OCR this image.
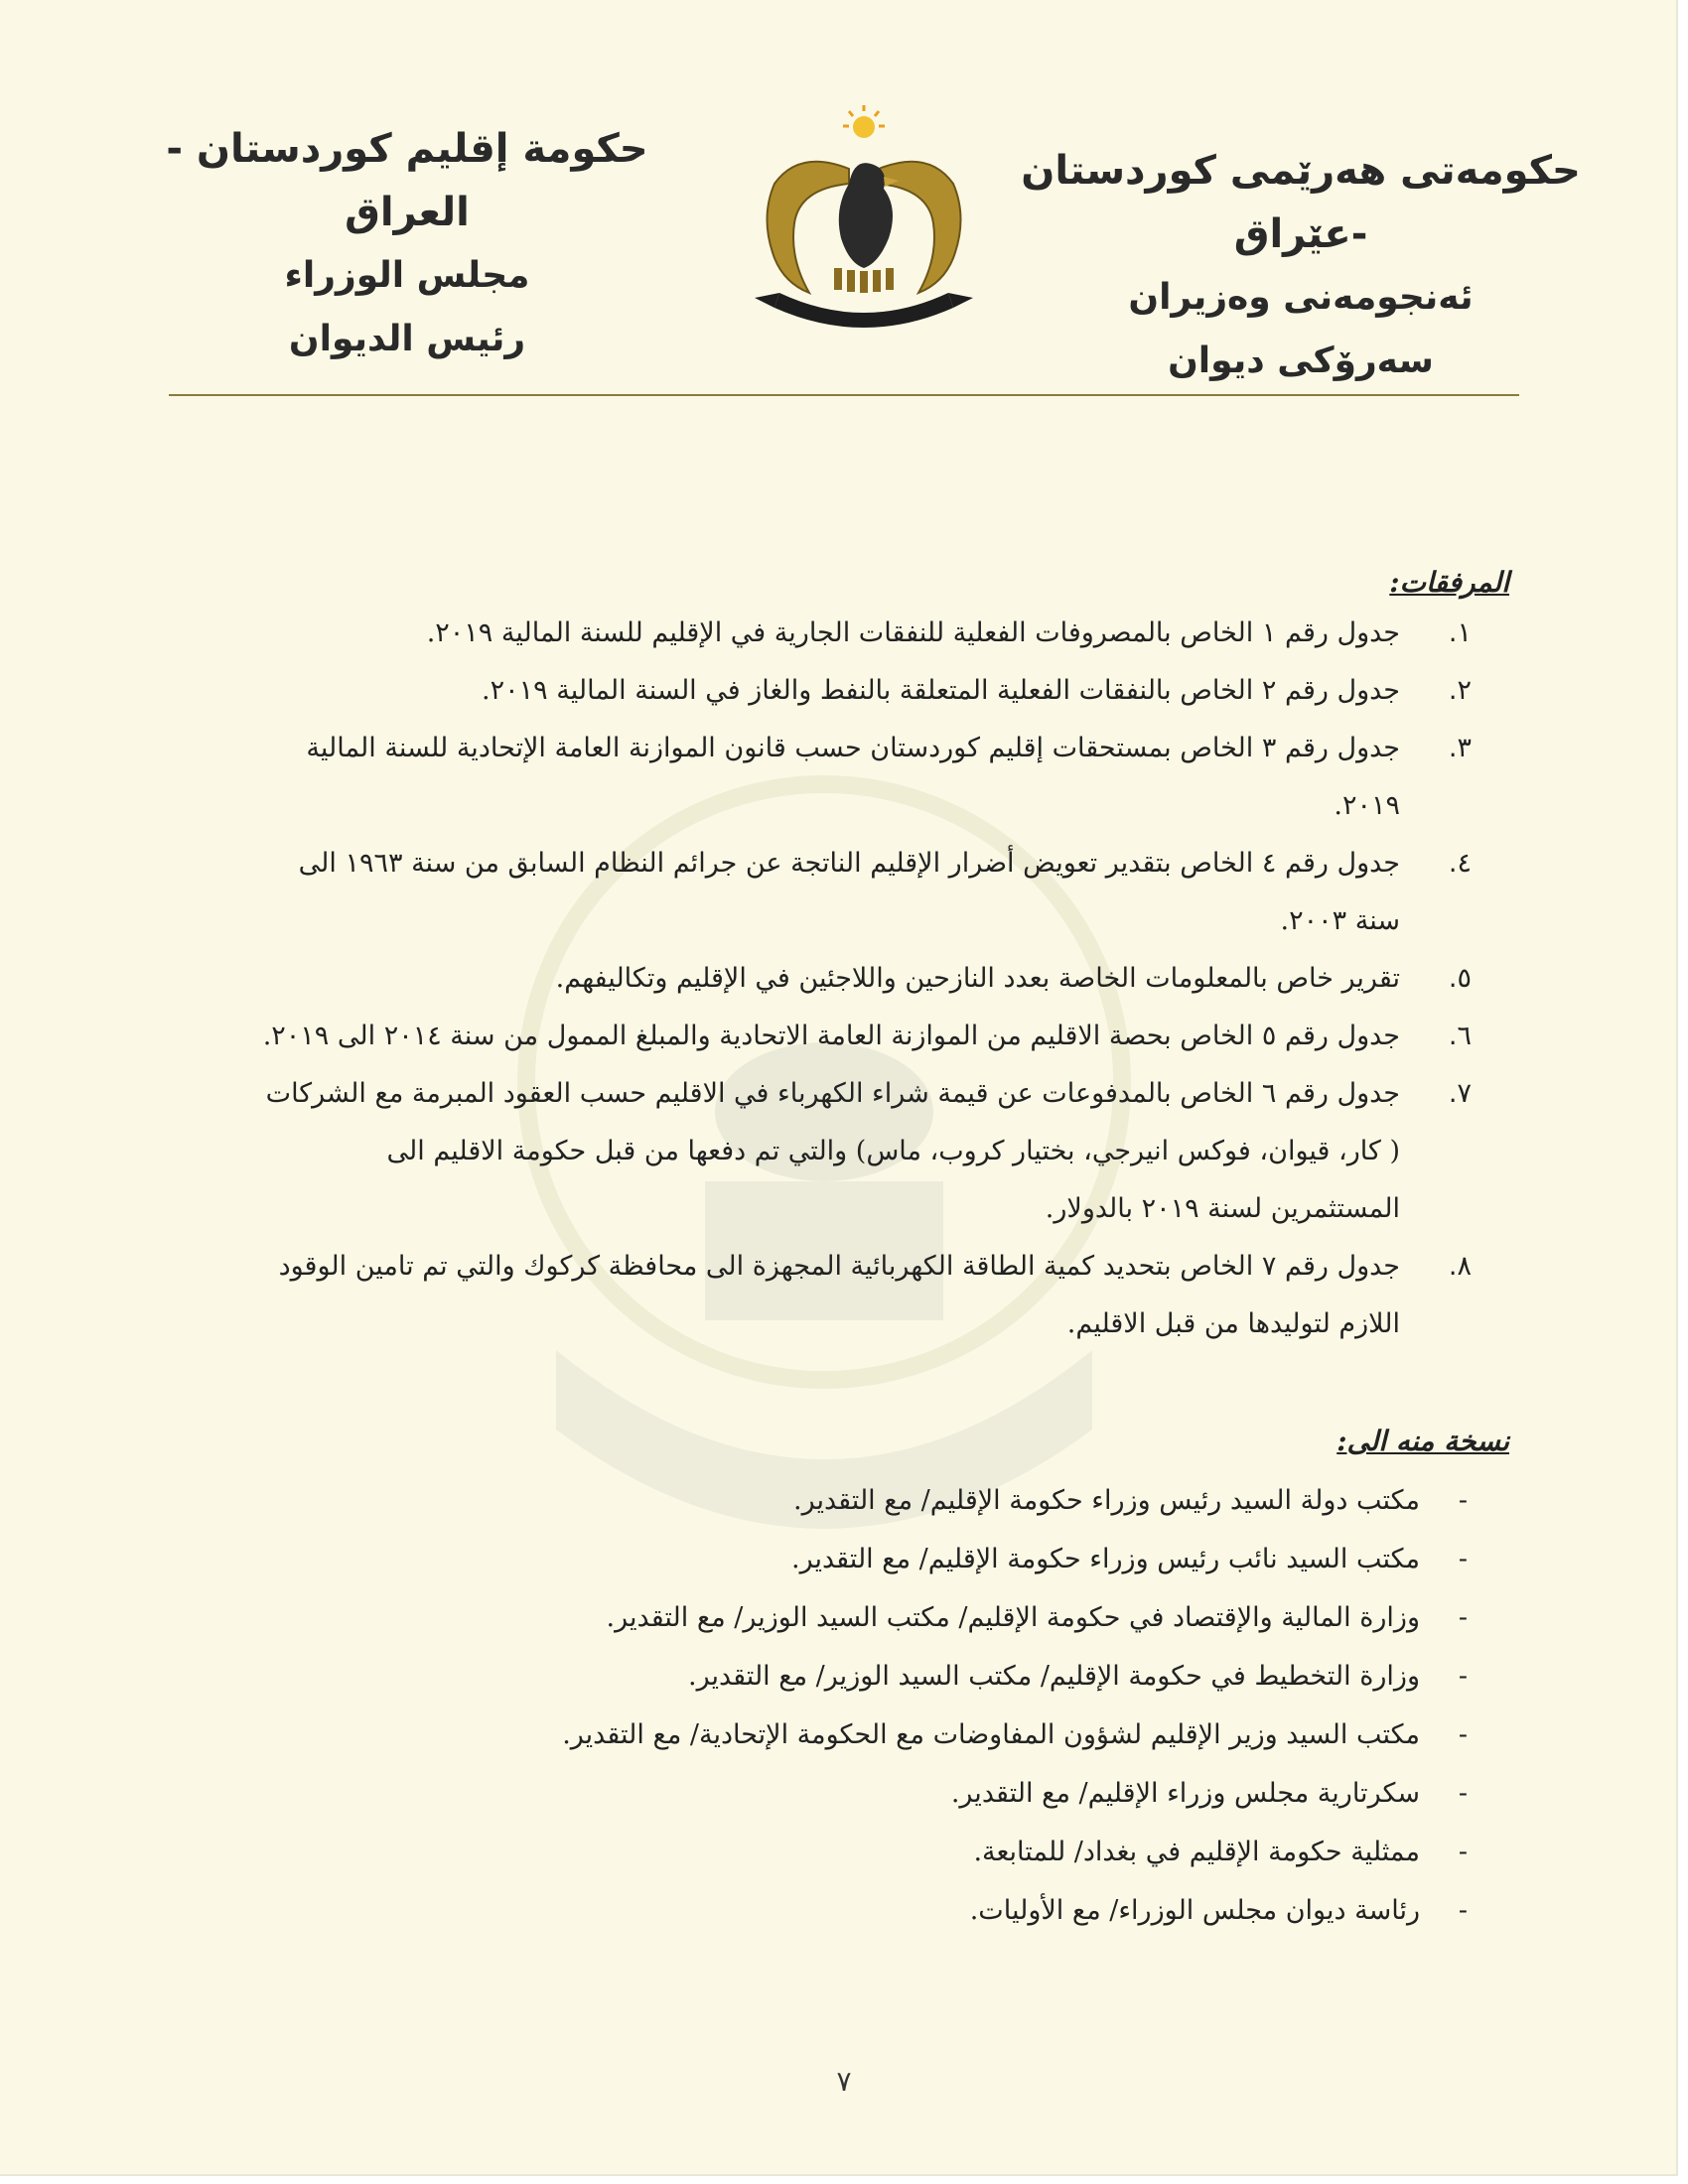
حكومة إقليم كوردستان - العراق
مجلس الوزراء
رئيس الديوان
حكومەتی هەرێمی کوردستان -عێراق
ئەنجومەنی وەزیران
سەرۆکی دیوان
المرفقات:
١.
جدول رقم ١ الخاص بالمصروفات الفعلية للنفقات الجارية في الإقليم للسنة المالية ٢٠١٩.
٢.
جدول رقم ٢ الخاص بالنفقات الفعلية المتعلقة بالنفط والغاز في السنة المالية ٢٠١٩.
٣.
جدول رقم ٣ الخاص بمستحقات إقليم كوردستان حسب قانون الموازنة العامة الإتحادية للسنة المالية ٢٠١٩.
٤.
جدول رقم ٤ الخاص بتقدير تعويض أضرار الإقليم الناتجة عن جرائم النظام السابق من سنة ١٩٦٣ الى سنة ٢٠٠٣.
٥.
تقرير خاص بالمعلومات الخاصة بعدد النازحين واللاجئين في الإقليم وتكاليفهم.
٦.
جدول رقم ٥ الخاص بحصة الاقليم من الموازنة العامة الاتحادية والمبلغ الممول من سنة ٢٠١٤ الى ٢٠١٩.
٧.
جدول رقم ٦ الخاص بالمدفوعات عن قيمة شراء الكهرباء في الاقليم حسب العقود المبرمة مع الشركات ( كار، قيوان، فوكس انيرجي، بختيار كروب، ماس) والتي تم دفعها من قبل حكومة الاقليم الى المستثمرين لسنة ٢٠١٩ بالدولار.
٨.
جدول رقم ٧ الخاص بتحديد كمية الطاقة الكهربائية المجهزة الى محافظة كركوك والتي تم تامين الوقود اللازم لتوليدها من قبل الاقليم.
نسخة منه الى:
-
مكتب دولة السيد رئيس وزراء حكومة الإقليم/ مع التقدير.
-
مكتب السيد نائب رئيس وزراء حكومة الإقليم/ مع التقدير.
-
وزارة المالية والإقتصاد في حكومة الإقليم/ مكتب السيد الوزير/ مع التقدير.
-
وزارة التخطيط في حكومة الإقليم/ مكتب السيد الوزير/ مع التقدير.
-
مكتب السيد وزير الإقليم لشؤون المفاوضات مع الحكومة الإتحادية/ مع التقدير.
-
سكرتارية مجلس وزراء الإقليم/ مع التقدير.
-
ممثلية حكومة الإقليم في بغداد/ للمتابعة.
-
رئاسة ديوان مجلس الوزراء/ مع الأوليات.
٧
